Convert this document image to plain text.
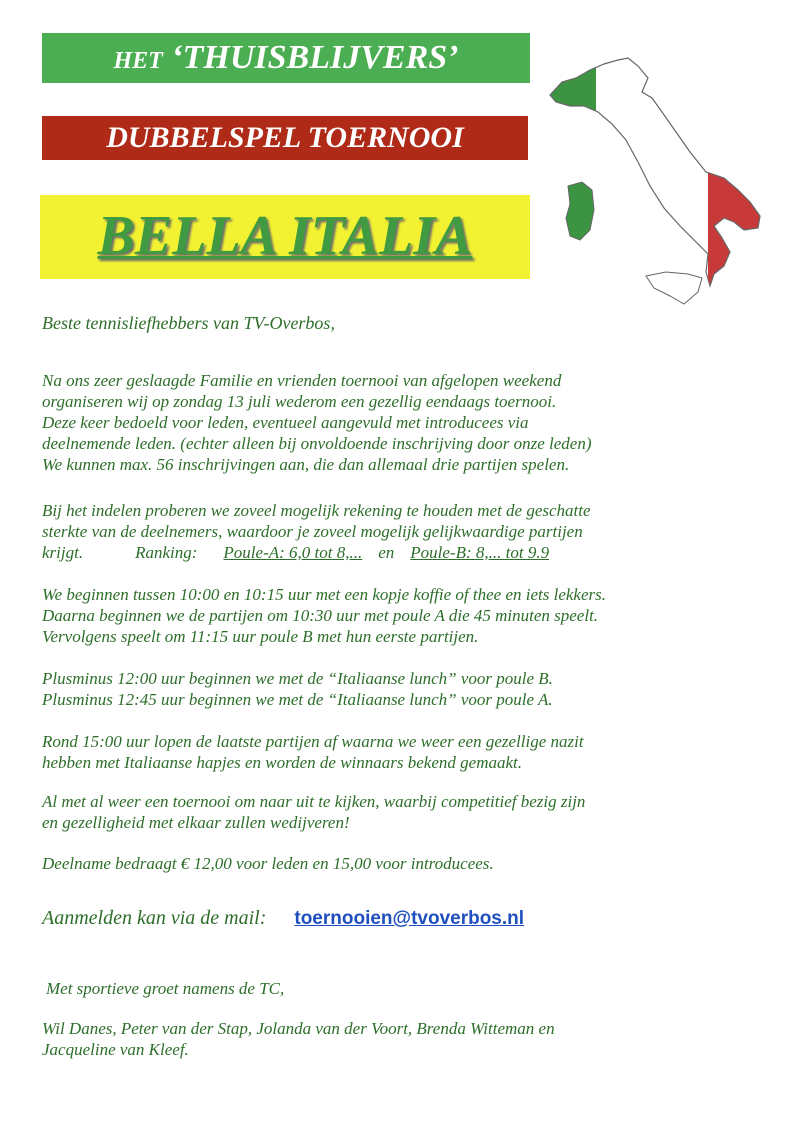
HET ‘THUISBLIJVERS’
DUBBELSPEL TOERNOOI
BELLA ITALIA

Beste tennisliefhebbers van TV-Overbos,

Na ons zeer geslaagde Familie en vrienden toernooi van afgelopen weekend

organiseren wij op zondag 13 juli wederom een gezellig eendaags toernooi.

Deze keer bedoeld voor leden, eventueel aangevuld met introducees via

deelnemende leden. (echter alleen bij onvoldoende inschrijving door onze leden)

We kunnen max. 56 inschrijvingen aan, die dan allemaal drie partijen spelen.

Bij het indelen proberen we zoveel mogelijk rekening te houden met de geschatte

sterkte van de deelnemers, waardoor je zoveel mogelijk gelijkwaardige partijen

krijgt.	Ranking: Poule-A: 6,0 tot 8,... en Poule-B: 8,... tot 9.9

We beginnen tussen 10:00 en 10:15 uur met een kopje koffie of thee en iets lekkers.

Daarna beginnen we de partijen om 10:30 uur met poule A die 45 minuten speelt.

Vervolgens speelt om 11:15 uur poule B met hun eerste partijen.

Plusminus 12:00 uur beginnen we met de “Italiaanse lunch” voor poule B.

Plusminus 12:45 uur beginnen we met de “Italiaanse lunch” voor poule A.

Rond 15:00 uur lopen de laatste partijen af waarna we weer een gezellige nazit

hebben met Italiaanse hapjes en worden de winnaars bekend gemaakt.

Al met al weer een toernooi om naar uit te kijken, waarbij competitief bezig zijn

en gezelligheid met elkaar zullen wedijveren!

Deelname bedraagt € 12,00 voor leden en 15,00 voor introducees.

Aanmelden kan via de mail: toernooien@tvoverbos.nl

Met sportieve groet namens de TC,

Wil Danes, Peter van der Stap, Jolanda van der Voort, Brenda Witteman en

Jacqueline van Kleef.
